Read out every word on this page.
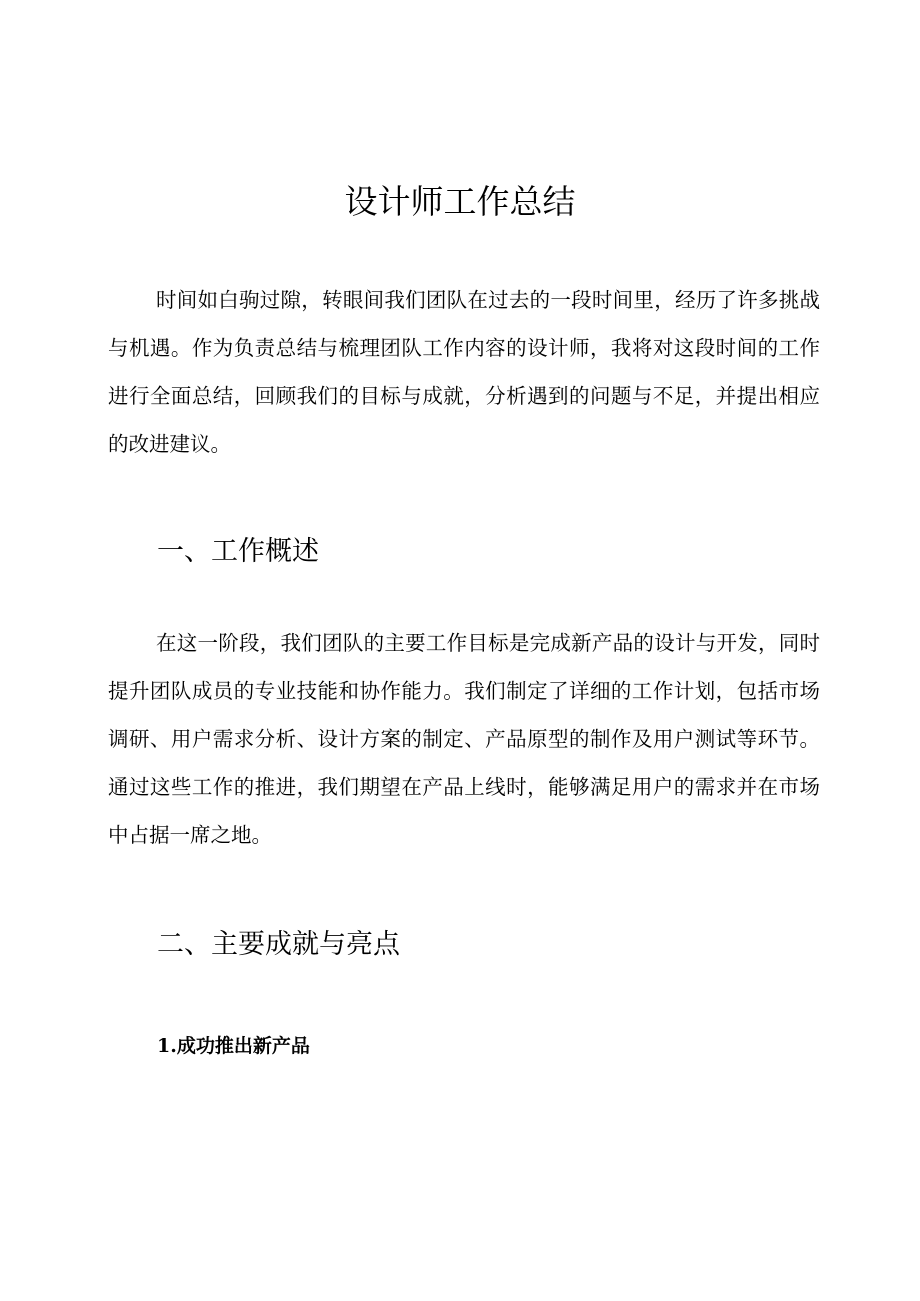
设计师工作总结

时间如白驹过隙，转眼间我们团队在过去的一段时间里，经历了许多挑战与机遇。作为负责总结与梳理团队工作内容的设计师，我将对这段时间的工作进行全面总结，回顾我们的目标与成就，分析遇到的问题与不足，并提出相应的改进建议。

一、工作概述

在这一阶段，我们团队的主要工作目标是完成新产品的设计与开发，同时提升团队成员的专业技能和协作能力。我们制定了详细的工作计划，包括市场调研、用户需求分析、设计方案的制定、产品原型的制作及用户测试等环节。通过这些工作的推进，我们期望在产品上线时，能够满足用户的需求并在市场中占据一席之地。

二、主要成就与亮点
1.成功推出新产品
